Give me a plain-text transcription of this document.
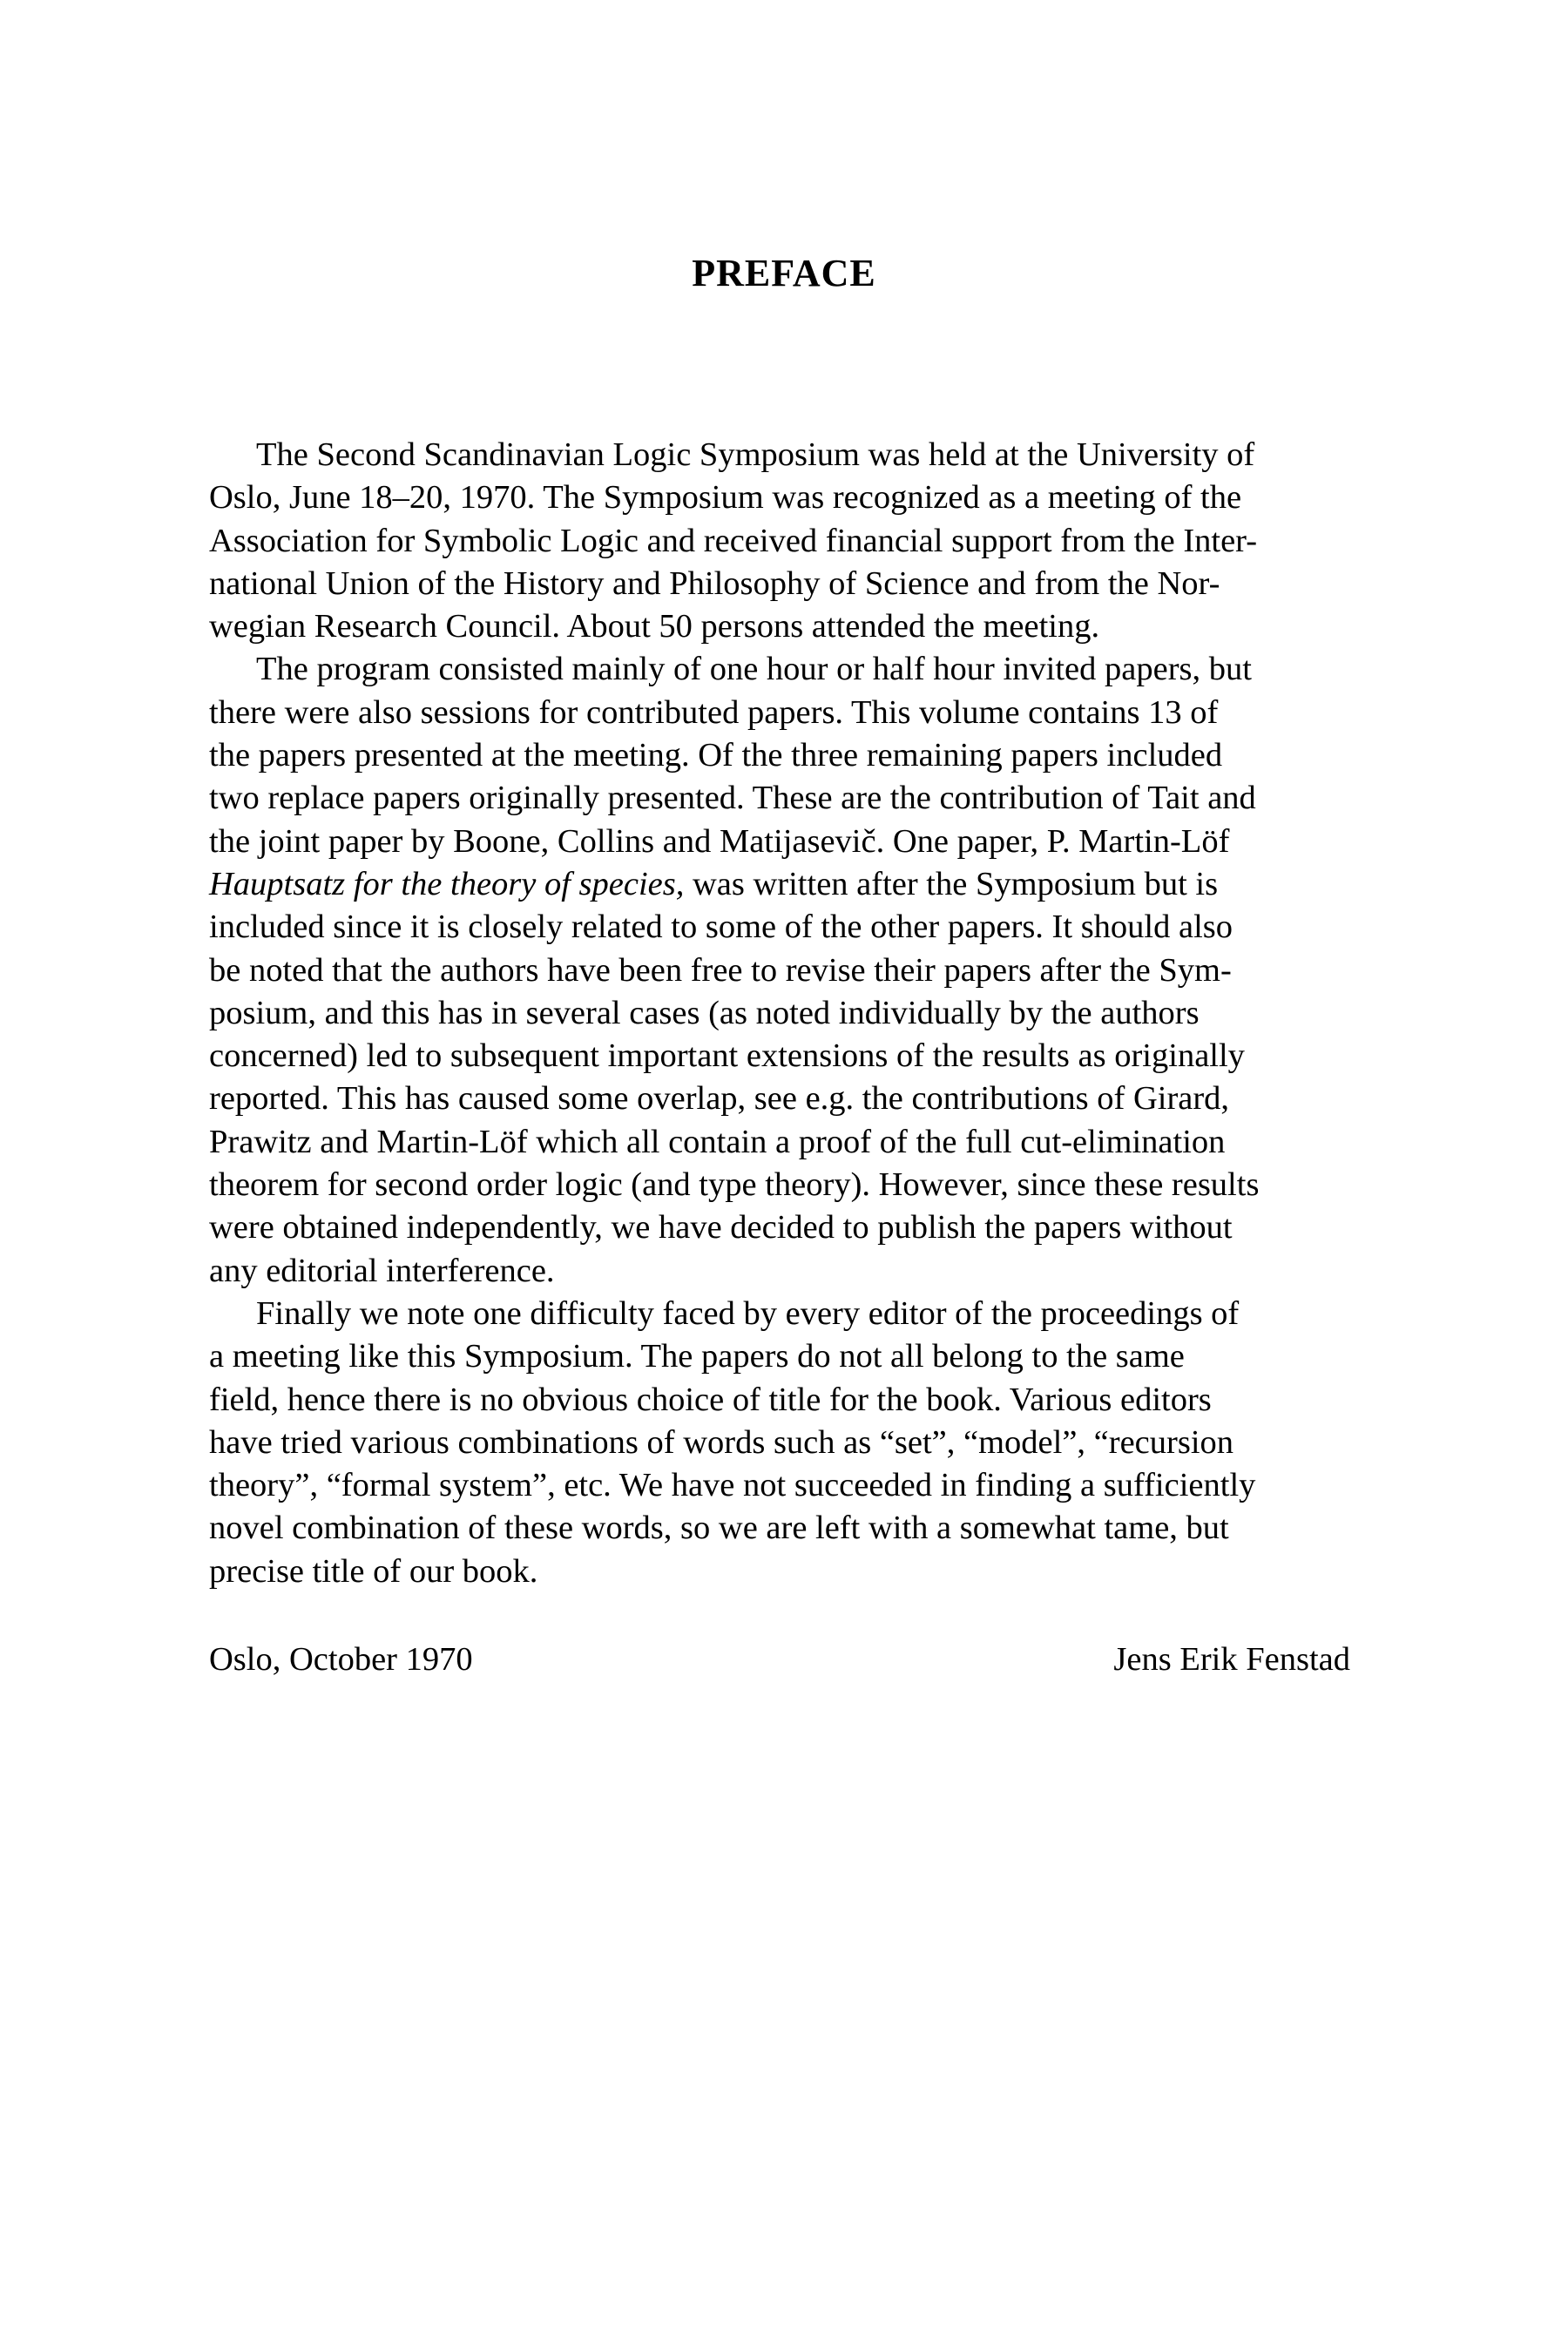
PREFACE
The Second Scandinavian Logic Symposium was held at the University of
Oslo, June 18–20, 1970. The Symposium was recognized as a meeting of the
Association for Symbolic Logic and received financial support from the Inter-
national Union of the History and Philosophy of Science and from the Nor-
wegian Research Council. About 50 persons attended the meeting.
The program consisted mainly of one hour or half hour invited papers, but
there were also sessions for contributed papers. This volume contains 13 of
the papers presented at the meeting. Of the three remaining papers included
two replace papers originally presented. These are the contribution of Tait and
the joint paper by Boone, Collins and Matijasevič. One paper, P. Martin-Löf
Hauptsatz for the theory of species, was written after the Symposium but is
included since it is closely related to some of the other papers. It should also
be noted that the authors have been free to revise their papers after the Sym-
posium, and this has in several cases (as noted individually by the authors
concerned) led to subsequent important extensions of the results as originally
reported. This has caused some overlap, see e.g. the contributions of Girard,
Prawitz and Martin-Löf which all contain a proof of the full cut-elimination
theorem for second order logic (and type theory). However, since these results
were obtained independently, we have decided to publish the papers without
any editorial interference.
Finally we note one difficulty faced by every editor of the proceedings of
a meeting like this Symposium. The papers do not all belong to the same
field, hence there is no obvious choice of title for the book. Various editors
have tried various combinations of words such as “set”, “model”, “recursion
theory”, “formal system”, etc. We have not succeeded in finding a sufficiently
novel combination of these words, so we are left with a somewhat tame, but
precise title of our book.
Oslo, October 1970	Jens Erik Fenstad
